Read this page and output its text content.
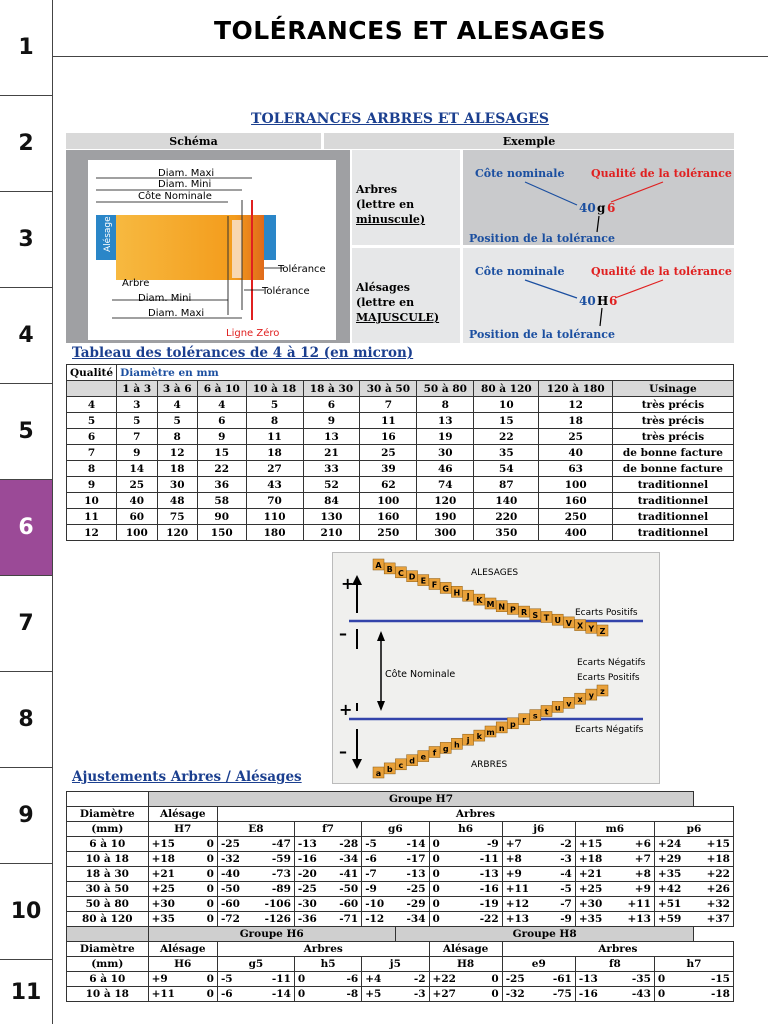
1
2
3
4
5
6
7
8
9
10
11
TOLÉRANCES ET ALESAGES
TOLERANCES ARBRES ET ALESAGES
Schéma	Exemple
Diam. Maxi
Diam. Mini
Côte Nominale
Alésage
Tolérance
Arbre
Tolérance
Diam. Mini
Diam. Maxi
Ligne Zéro
Arbres
(lettre en
minuscule)
Alésages
(lettre en
MAJUSCULE)
Côte nominale Qualité de la tolérance
40 g 6
Position de la tolérance
Côte nominale Qualité de la tolérance
40 H 6
Position de la tolérance
Tableau des tolérances de 4 à 12 (en micron)
Qualité	Diamètre en mm									
	1 à 3	3 à 6	6 à 10	10 à 18	18 à 30	30 à 50	50 à 80	80 à 120	120 à 180	Usinage
4	3	4	4	5	6	7	8	10	12	très précis
5	5	5	6	8	9	11	13	15	18	très précis
6	7	8	9	11	13	16	19	22	25	très précis
7	9	12	15	18	21	25	30	35	40	de bonne facture
8	14	18	22	27	33	39	46	54	63	de bonne facture
9	25	30	36	43	52	62	74	87	100	traditionnel
10	40	48	58	70	84	100	120	140	160	traditionnel
11	60	75	90	110	130	160	190	220	250	traditionnel
12	100	120	150	180	210	250	300	350	400	traditionnel
+
–
+
–
ALESAGES
ARBRES
Côte Nominale
Ecarts Positifs
Ecarts Négatifs
Ecarts Positifs
Ecarts Négatifs
A B C D E F G H J K M N P R S T U V X Y Z
a b c d e f g h j k m n p r s t u v x y z
Ajustements Arbres / Alésages
	Groupe H7															
Diamètre	Alésage		Arbres													
(mm)	H7		E8		f7		g6		h6		j6		m6		p6	
6 à 10	+15	0	-25	-47	-13	-28	-5	-14	0	-9	+7	-2	+15	+6	+24	+15
10 à 18	+18	0	-32	-59	-16	-34	-6	-17	0	-11	+8	-3	+18	+7	+29	+18
18 à 30	+21	0	-40	-73	-20	-41	-7	-13	0	-13	+9	-4	+21	+8	+35	+22
30 à 50	+25	0	-50	-89	-25	-50	-9	-25	0	-16	+11	-5	+25	+9	+42	+26
50 à 80	+30	0	-60	-106	-30	-60	-10	-29	0	-19	+12	-7	+30	+11	+51	+32
80 à 120	+35	0	-72	-126	-36	-71	-12	-34	0	-22	+13	-9	+35	+13	+59	+37
	Groupe H6							Groupe H8								
Diamètre	Alésage		Arbres						Alésage		Arbres					
(mm)	H6		g5		h5		j5		H8		e9		f8		h7	
6 à 10	+9	0	-5	-11	0	-6	+4	-2	+22	0	-25	-61	-13	-35	0	-15
10 à 18	+11	0	-6	-14	0	-8	+5	-3	+27	0	-32	-75	-16	-43	0	-18
